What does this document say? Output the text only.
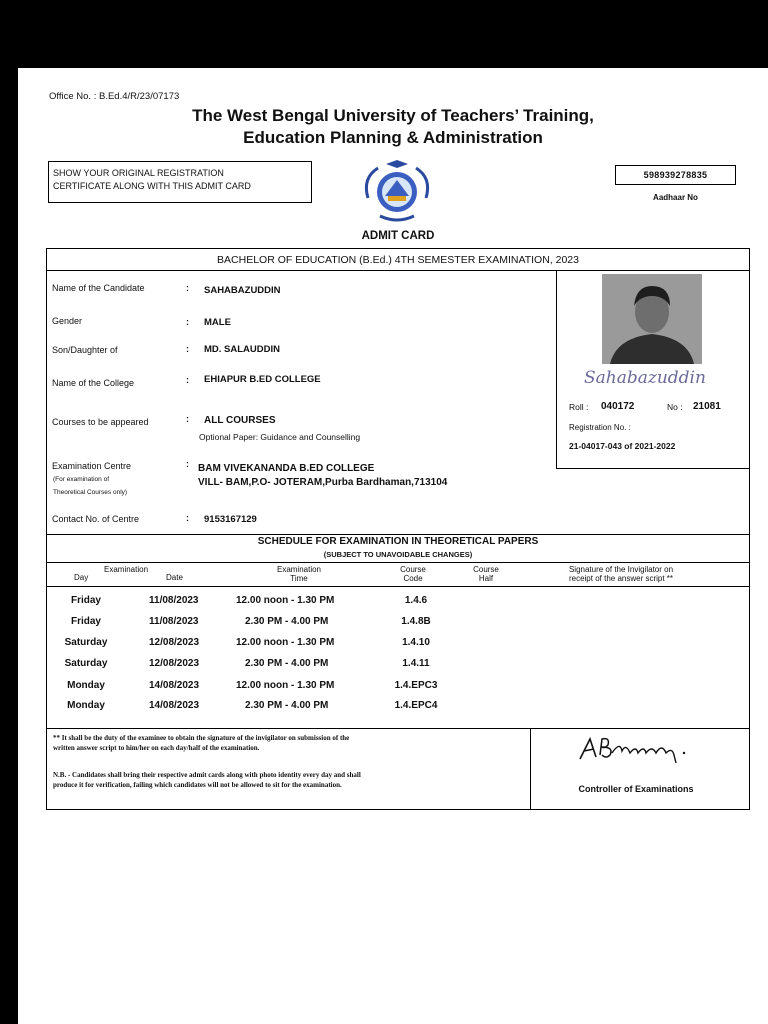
Office No. : B.Ed.4/R/23/07173
The West Bengal University of Teachers’ Training,
Education Planning & Administration
SHOW YOUR ORIGINAL REGISTRATION
CERTIFICATE ALONG WITH THIS ADMIT CARD
598939278835
Aadhaar No
ADMIT CARD
BACHELOR OF EDUCATION (B.Ed.) 4TH SEMESTER EXAMINATION, 2023
Name of the Candidate	: SAHABAZUDDIN
Gender	: MALE
Son/Daughter of	: MD. SALAUDDIN
Name of the College	: EHIAPUR B.ED COLLEGE
Courses to be appeared	: ALL COURSES
Optional Paper: Guidance and Counselling
Examination Centre
(For examination of
Theoretical Courses only)
: BAM VIVEKANANDA B.ED COLLEGE
VILL- BAM,P.O- JOTERAM,Purba Bardhaman,713104
Contact No. of Centre	: 9153167129
Sahabazuddin
Roll : 040172	No : 21081
Registration No. :
21-04017-043 of 2021-2022
SCHEDULE FOR EXAMINATION IN THEORETICAL PAPERS
(SUBJECT TO UNAVOIDABLE CHANGES)
Examination
Day	Date
Examination
Time
Course
Code
Course
Half
Signature of the Invigilator on
receipt of the answer script **
Friday	11/08/2023	12.00 noon - 1.30 PM	1.4.6
Friday	11/08/2023	2.30 PM - 4.00 PM	1.4.8B
Saturday	12/08/2023	12.00 noon - 1.30 PM	1.4.10
Saturday	12/08/2023	2.30 PM - 4.00 PM	1.4.11
Monday	14/08/2023	12.00 noon - 1.30 PM	1.4.EPC3
Monday	14/08/2023	2.30 PM - 4.00 PM	1.4.EPC4
** It shall be the duty of the examinee to obtain the signature of the invigilator on submission of the
written answer script to him/her on each day/half of the examination.
N.B. - Candidates shall bring their respective admit cards along with photo identity every day and shall
produce it for verification, failing which candidates will not be allowed to sit for the examination.	Controller of Examinations
